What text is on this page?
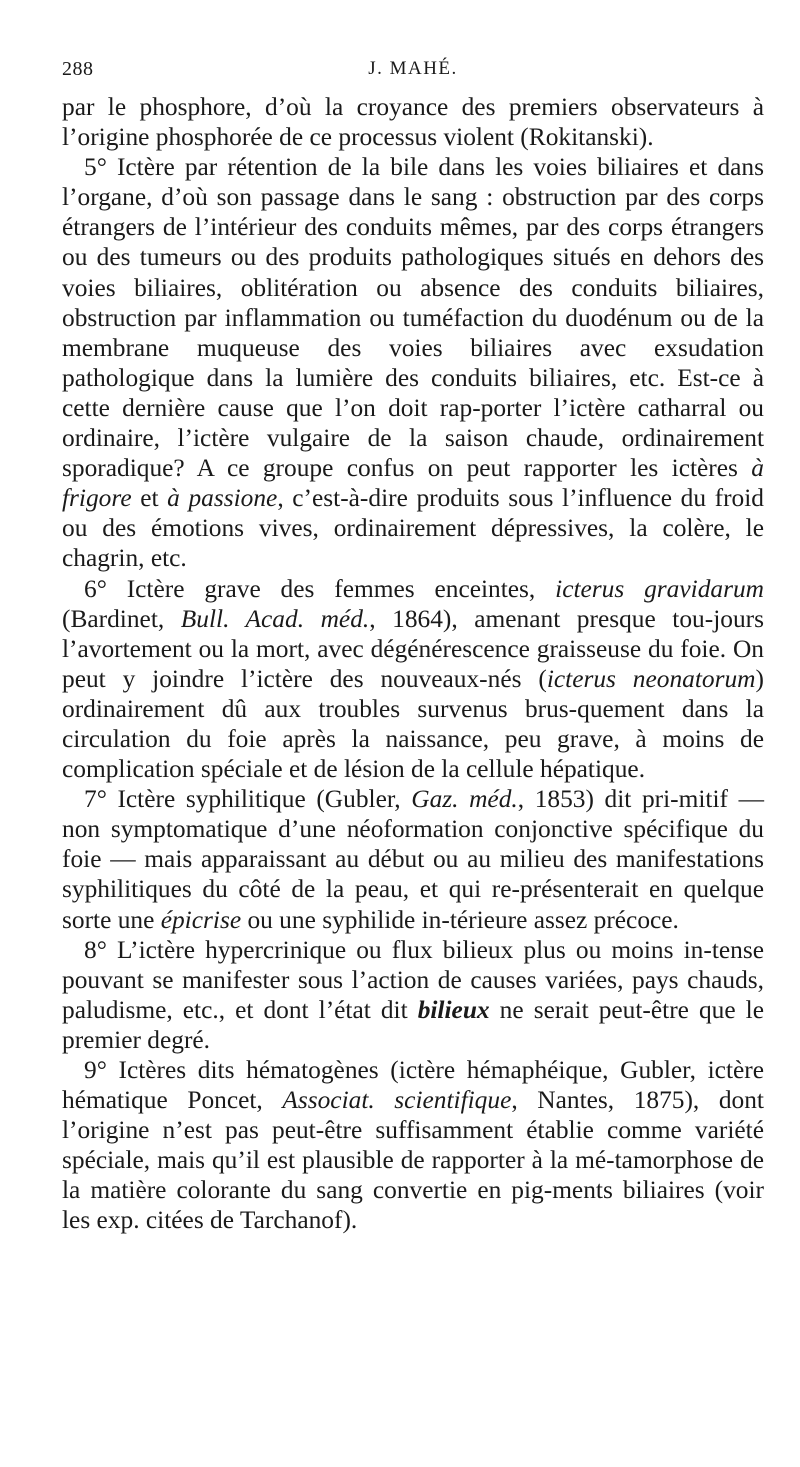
288	J. MAHÉ.

par le phosphore, d’où la croyance des premiers observateurs à l’origine phosphorée de ce processus violent (Rokitanski).

5° Ictère par rétention de la bile dans les voies biliaires et dans l’organe, d’où son passage dans le sang : obstruction par des corps étrangers de l’intérieur des conduits mêmes, par des corps étrangers ou des tumeurs ou des produits pathologiques situés en dehors des voies biliaires, oblitération ou absence des conduits biliaires, obstruction par inflammation ou tuméfaction du duodénum ou de la membrane muqueuse des voies biliaires avec exsudation pathologique dans la lumière des conduits biliaires, etc. Est-ce à cette dernière cause que l’on doit rap-porter l’ictère catharral ou ordinaire, l’ictère vulgaire de la saison chaude, ordinairement sporadique? A ce groupe confus on peut rapporter les ictères à frigore et à passione, c’est-à-dire produits sous l’influence du froid ou des émotions vives, ordinairement dépressives, la colère, le chagrin, etc.

6° Ictère grave des femmes enceintes, icterus gravidarum (Bardinet, Bull. Acad. méd., 1864), amenant presque tou-jours l’avortement ou la mort, avec dégénérescence graisseuse du foie. On peut y joindre l’ictère des nouveaux-nés (icterus neonatorum) ordinairement dû aux troubles survenus brus-quement dans la circulation du foie après la naissance, peu grave, à moins de complication spéciale et de lésion de la cellule hépatique.

7° Ictère syphilitique (Gubler, Gaz. méd., 1853) dit pri-mitif — non symptomatique d’une néoformation conjonctive spécifique du foie — mais apparaissant au début ou au milieu des manifestations syphilitiques du côté de la peau, et qui re-présenterait en quelque sorte une épicrise ou une syphilide in-térieure assez précoce.

8° L’ictère hypercrinique ou flux bilieux plus ou moins in-tense pouvant se manifester sous l’action de causes variées, pays chauds, paludisme, etc., et dont l’état dit bilieux ne serait peut-être que le premier degré.

9° Ictères dits hématogènes (ictère hémaphéique, Gubler, ictère hématique Poncet, Associat. scientifique, Nantes, 1875), dont l’origine n’est pas peut-être suffisamment établie comme variété spéciale, mais qu’il est plausible de rapporter à la mé-tamorphose de la matière colorante du sang convertie en pig-ments biliaires (voir les exp. citées de Tarchanof).
